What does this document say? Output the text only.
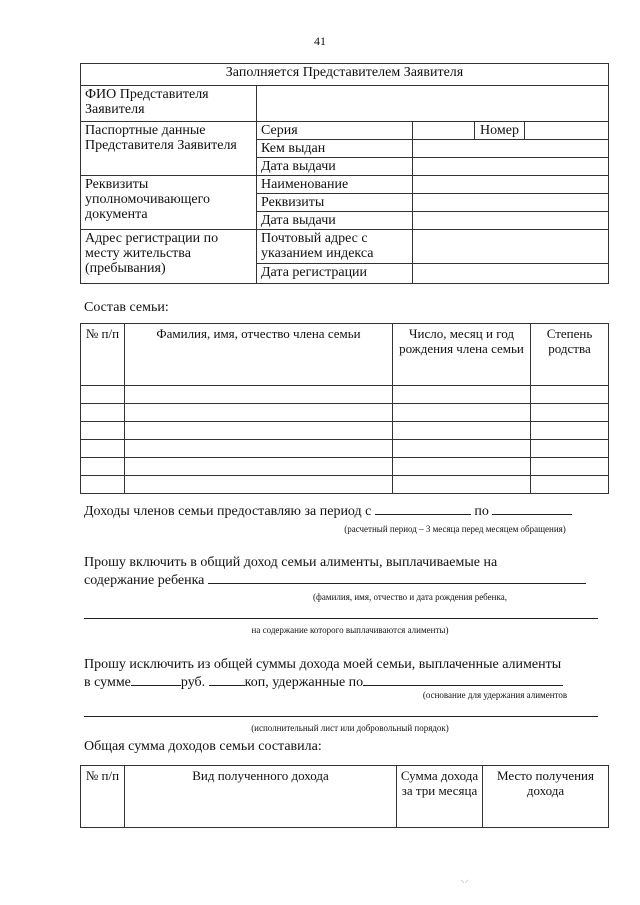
41
Заполняется Представителем Заявителя				
ФИО Представителя Заявителя				
Паспортные данные Представителя Заявителя	Серия		Номер	
	Кем выдан			
	Дата выдачи			
Реквизиты уполномочивающего документа	Наименование			
	Реквизиты			
	Дата выдачи			
Адрес регистрации по месту жительства (пребывания)	Почтовый адрес с указанием индекса			
	Дата регистрации			
Состав семьи:
№ п/п	Фамилия, имя, отчество члена семьи	Число, месяц и год рождения члена семьи	Степень родства

Доходы членов семьи предоставляю за период с	по
(расчетный период – 3 месяца перед месяцем обращения)
Прошу включить в общий доход семьи алименты, выплачиваемые на
содержание ребенка
(фамилия, имя, отчество и дата рождения ребенка,
на содержание которого выплачиваются алименты)
Прошу исключить из общей суммы дохода моей семьи, выплаченные алименты
в сумме	руб.	коп, удержанные по
(основание для удержания алиментов
(исполнительный лист или добровольный порядок)
Общая сумма доходов семьи составила:
№ п/п	Вид полученного дохода	Сумма дохода за три месяца	Место получения дохода
⸌⸍
